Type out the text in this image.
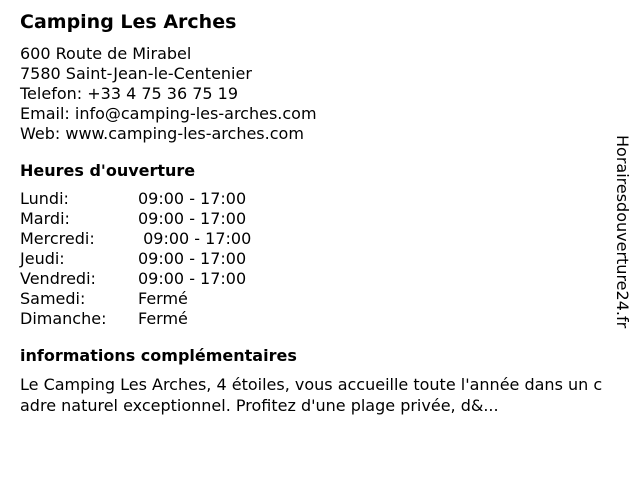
Camping Les Arches
600 Route de Mirabel
7580 Saint-Jean-le-Centenier
Telefon: +33 4 75 36 75 19
Email: info@camping-les-arches.com
Web: www.camping-les-arches.com
Heures d'ouverture
Lundi:	09:00 - 17:00
Mardi:	09:00 - 17:00
Mercredi:	09:00 - 17:00
Jeudi:	09:00 - 17:00
Vendredi:	09:00 - 17:00
Samedi:	Fermé
Dimanche:	Fermé
informations complémentaires

Le Camping Les Arches, 4 étoiles, vous accueille toute l'année dans un cadre naturel exceptionnel. Profitez d'une plage privée, d&...

Horairesdouverture24.fr
